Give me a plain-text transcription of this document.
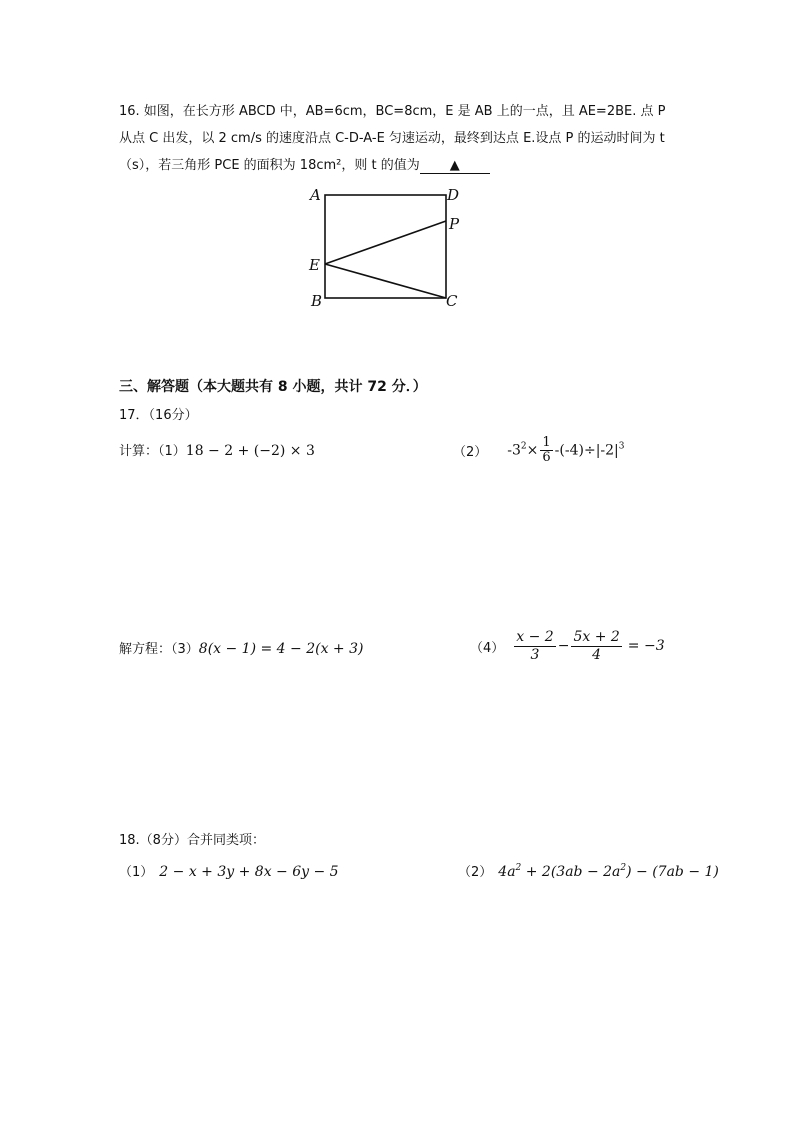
16. 如图，在长方形 ABCD 中，AB=6cm，BC=8cm，E 是 AB 上的一点，且 AE=2BE. 点 P
从点 C 出发，以 2 cm/s 的速度沿点 C-D-A-E 匀速运动，最终到达点 E.设点 P 的运动时间为 t
（s），若三角形 PCE 的面积为 18cm²，则 t 的值为 ▲
A	D
P
E
B	C
三、解答题（本大题共有 8 小题，共计 72 分．）
17．（16分）
计算：（1）18 − 2 + (−2) × 3	（2） $-3^2\times \frac{1}{6} -(-4)\div|-2|^3$
解方程：（3）8(x − 1) = 4 − 2(x + 3)	$(4) \frac{x - 2}{3} - \frac{5x + 2}{4} = -3$
18.（8分）合并同类项：
（1） 2 − x + 3y + 8x − 6y − 5	（2） $4a^2 + 2(3ab - 2a^2) - (7ab - 1)$
